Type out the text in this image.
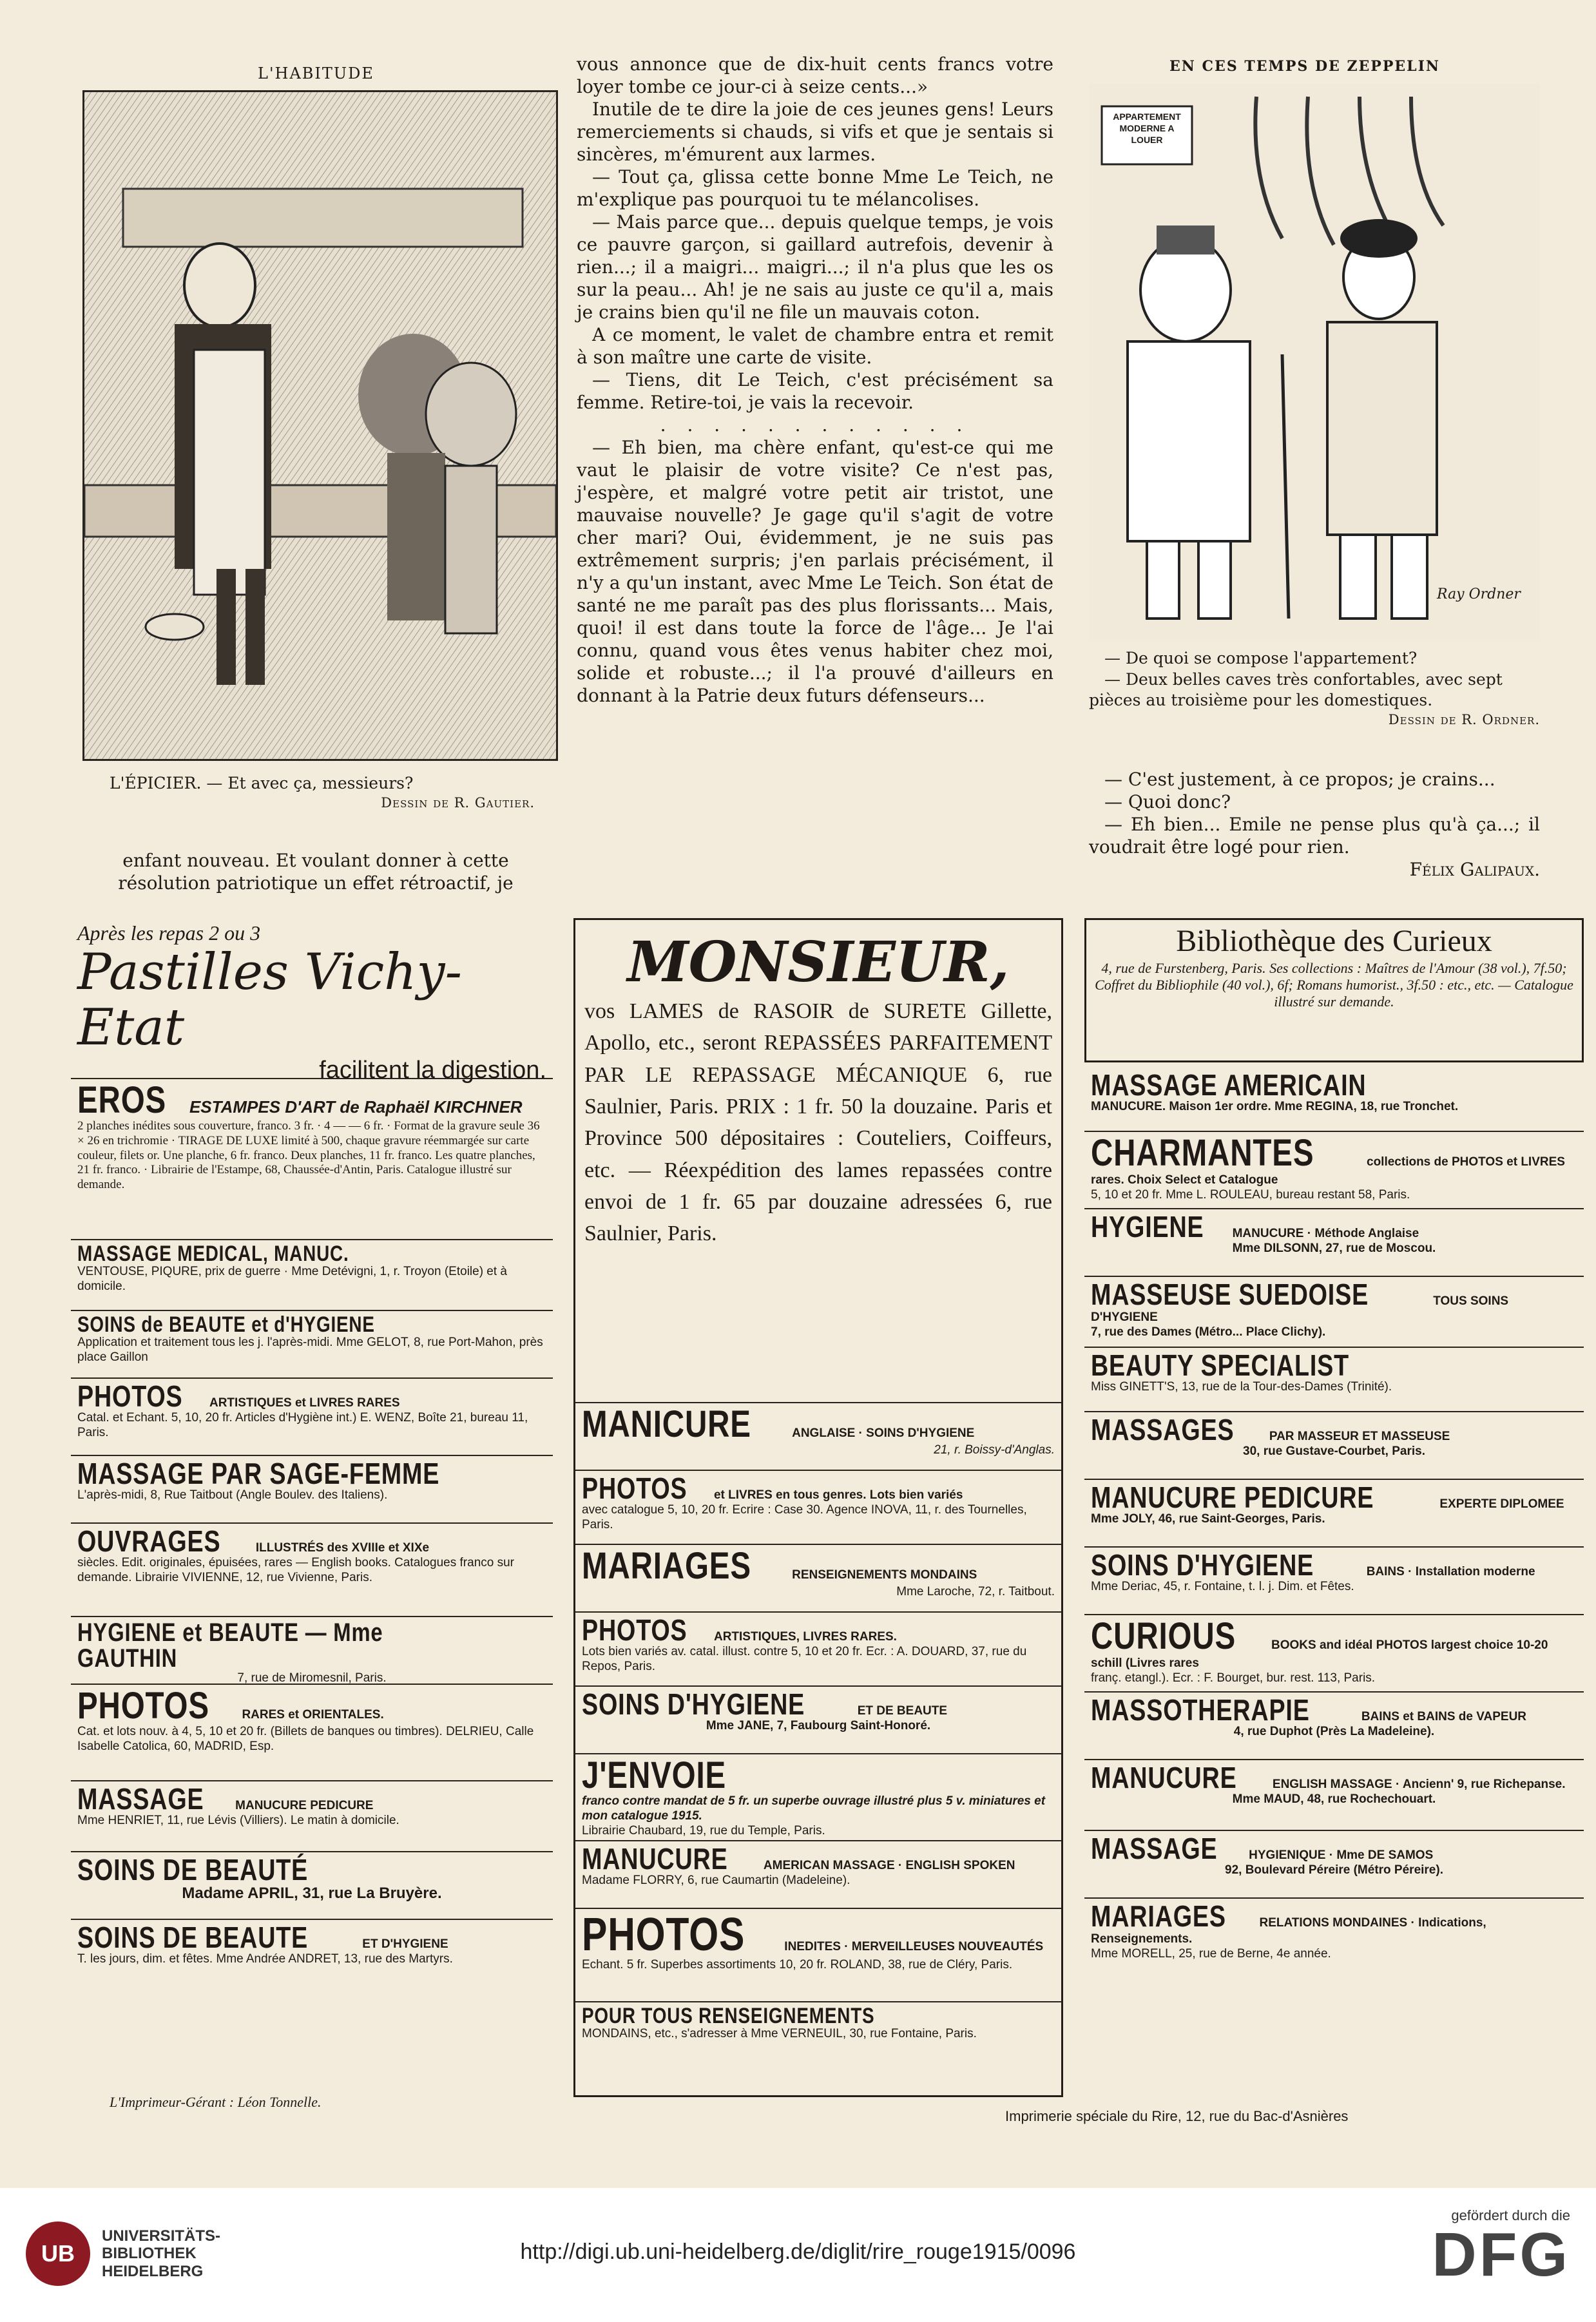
L'HABITUDE
L'ÉPICIER. — Et avec ça, messieurs?
Dessin de R. Gautier.
enfant nouveau. Et voulant donner à cette
résolution patriotique un effet rétroactif, je

vous annonce que de dix-huit cents francs votre loyer tombe ce jour-ci à seize cents...»

Inutile de te dire la joie de ces jeunes gens! Leurs remerciements si chauds, si vifs et que je sentais si sincères, m'émurent aux larmes.

— Tout ça, glissa cette bonne Mme Le Teich, ne m'explique pas pourquoi tu te mélancolises.

— Mais parce que... depuis quelque temps, je vois ce pauvre garçon, si gaillard autrefois, devenir à rien...; il a maigri... maigri...; il n'a plus que les os sur la peau... Ah! je ne sais au juste ce qu'il a, mais je crains bien qu'il ne file un mauvais coton.

A ce moment, le valet de chambre entra et remit à son maître une carte de visite.

— Tiens, dit Le Teich, c'est précisément sa femme. Retire-toi, je vais la recevoir.

. . . . . . . . . . . .

— Eh bien, ma chère enfant, qu'est-ce qui me vaut le plaisir de votre visite? Ce n'est pas, j'espère, et malgré votre petit air tristot, une mauvaise nouvelle? Je gage qu'il s'agit de votre cher mari? Oui, évidemment, je ne suis pas extrêmement surpris; j'en parlais précisément, il n'y a qu'un instant, avec Mme Le Teich. Son état de santé ne me paraît pas des plus florissants... Mais, quoi! il est dans toute la force de l'âge... Je l'ai connu, quand vous êtes venus habiter chez moi, solide et robuste...; il l'a prouvé d'ailleurs en donnant à la Patrie deux futurs défenseurs...

EN CES TEMPS DE ZEPPELIN
APPARTEMENT MODERNE A LOUER
Ray Ordner
— De quoi se compose l'appartement?
— Deux belles caves très confortables, avec sept pièces au troisième pour les domestiques.
Dessin de R. Ordner.

— C'est justement, à ce propos; je crains...

— Quoi donc?

— Eh bien... Emile ne pense plus qu'à ça...; il voudrait être logé pour rien.

Félix Galipaux.

Après les repas 2 ou 3
Pastilles Vichy-Etat
facilitent la digestion.
EROS ESTAMPES D'ART de Raphaël KIRCHNER
2 planches inédites sous couverture, franco. 3 fr. · 4 — — 6 fr. · Format de la gravure seule 36 × 26 en trichromie · TIRAGE DE LUXE limité à 500, chaque gravure réemmargée sur carte couleur, filets or. Une planche, 6 fr. franco. Deux planches, 11 fr. franco. Les quatre planches, 21 fr. franco. · Librairie de l'Estampe, 68, Chaussée-d'Antin, Paris. Catalogue illustré sur demande.
MASSAGE MEDICAL, MANUC.
VENTOUSE, PIQURE, prix de guerre · Mme Detévigni, 1, r. Troyon (Etoile) et à domicile.
SOINS de BEAUTE et d'HYGIENE
Application et traitement tous les j. l'après-midi. Mme GELOT, 8, rue Port-Mahon, près place Gaillon
PHOTOS ARTISTIQUES et LIVRES RARES
Catal. et Echant. 5, 10, 20 fr. Articles d'Hygiène int.) E. WENZ, Boîte 21, bureau 11, Paris.
MASSAGE PAR SAGE-FEMME
L'après-midi, 8, Rue Taitbout (Angle Boulev. des Italiens).
OUVRAGES	ILLUSTRÉS des XVIIIe et XIXe
siècles. Edit. originales, épuisées, rares — English books. Catalogues franco sur demande. Librairie VIVIENNE, 12, rue Vivienne, Paris.
HYGIENE et BEAUTE — Mme GAUTHIN
7, rue de Miromesnil, Paris.
PHOTOS	RARES et ORIENTALES.
Cat. et lots nouv. à 4, 5, 10 et 20 fr. (Billets de banques ou timbres). DELRIEU, Calle Isabelle Catolica, 60, MADRID, Esp.
MASSAGE	MANUCURE PEDICURE
Mme HENRIET, 11, rue Lévis (Villiers). Le matin à domicile.
SOINS DE BEAUTÉ
Madame APRIL, 31, rue La Bruyère.
SOINS DE BEAUTE	ET D'HYGIENE
T. les jours, dim. et fêtes. Mme Andrée ANDRET, 13, rue des Martyrs.
L'Imprimeur-Gérant : Léon Tonnelle.
MONSIEUR,
vos LAMES de RASOIR de SURETE Gillette, Apollo, etc., seront REPASSÉES PARFAITEMENT PAR LE REPASSAGE MÉCANIQUE 6, rue Saulnier, Paris. PRIX : 1 fr. 50 la douzaine. Paris et Province 500 dépositaires : Couteliers, Coiffeurs, etc. — Réexpédition des lames repassées contre envoi de 1 fr. 65 par douzaine adressées 6, rue Saulnier, Paris.
MANICURE	ANGLAISE · SOINS D'HYGIENE
21, r. Boissy-d'Anglas.
PHOTOS et LIVRES en tous genres. Lots bien variés
avec catalogue 5, 10, 20 fr. Ecrire : Case 30. Agence INOVA, 11, r. des Tournelles, Paris.
MARIAGES	RENSEIGNEMENTS MONDAINS
Mme Laroche, 72, r. Taitbout.
PHOTOS ARTISTIQUES, LIVRES RARES.
Lots bien variés av. catal. illust. contre 5, 10 et 20 fr. Ecr. : A. DOUARD, 37, rue du Repos, Paris.
SOINS D'HYGIENE	ET DE BEAUTE
Mme JANE, 7, Faubourg Saint-Honoré.
J'ENVOIE
franco contre mandat de 5 fr. un superbe ouvrage illustré plus 5 v. miniatures et mon catalogue 1915.
Librairie Chaubard, 19, rue du Temple, Paris.
MANUCURE	AMERICAN MASSAGE · ENGLISH SPOKEN
Madame FLORRY, 6, rue Caumartin (Madeleine).
PHOTOS	INEDITES · MERVEILLEUSES NOUVEAUTÉS
Echant. 5 fr. Superbes assortiments 10, 20 fr. ROLAND, 38, rue de Cléry, Paris.
POUR TOUS RENSEIGNEMENTS
MONDAINS, etc., s'adresser à Mme VERNEUIL, 30, rue Fontaine, Paris.
Bibliothèque des Curieux
4, rue de Furstenberg, Paris. Ses collections : Maîtres de l'Amour (38 vol.), 7f.50; Coffret du Bibliophile (40 vol.), 6f; Romans humorist., 3f.50 : etc., etc. — Catalogue illustré sur demande.
MASSAGE AMERICAIN
MANUCURE. Maison 1er ordre. Mme REGINA, 18, rue Tronchet.
CHARMANTES	collections de PHOTOS et LIVRES rares. Choix Select et Catalogue
5, 10 et 20 fr. Mme L. ROULEAU, bureau restant 58, Paris.
HYGIENE MANUCURE · Méthode Anglaise
Mme DILSONN, 27, rue de Moscou.
MASSEUSE SUEDOISE	TOUS SOINS D'HYGIENE
7, rue des Dames (Métro... Place Clichy).
BEAUTY SPECIALIST
Miss GINETT'S, 13, rue de la Tour-des-Dames (Trinité).
MASSAGES	PAR MASSEUR ET MASSEUSE
30, rue Gustave-Courbet, Paris.
MANUCURE PEDICURE	EXPERTE DIPLOMEE
Mme JOLY, 46, rue Saint-Georges, Paris.
SOINS D'HYGIENE	BAINS · Installation moderne
Mme Deriac, 45, r. Fontaine, t. l. j. Dim. et Fêtes.
CURIOUS	BOOKS and idéal PHOTOS largest choice 10-20 schill (Livres rares
franç. etangl.). Ecr. : F. Bourget, bur. rest. 113, Paris.
MASSOTHERAPIE	BAINS et BAINS de VAPEUR
4, rue Duphot (Près La Madeleine).
MANUCURE	ENGLISH MASSAGE · Ancienn' 9, rue Richepanse.
Mme MAUD, 48, rue Rochechouart.
MASSAGE	HYGIENIQUE · Mme DE SAMOS
92, Boulevard Péreire (Métro Péreire).
MARIAGES	RELATIONS MONDAINES · Indications, Renseignements.
Mme MORELL, 25, rue de Berne, 4e année.
Imprimerie spéciale du Rire, 12, rue du Bac-d'Asnières
UB
UNIVERSITÄTS-
BIBLIOTHEK
HEIDELBERG
http://digi.ub.uni-heidelberg.de/diglit/rire_rouge1915/0096
gefördert durch die
DFG
